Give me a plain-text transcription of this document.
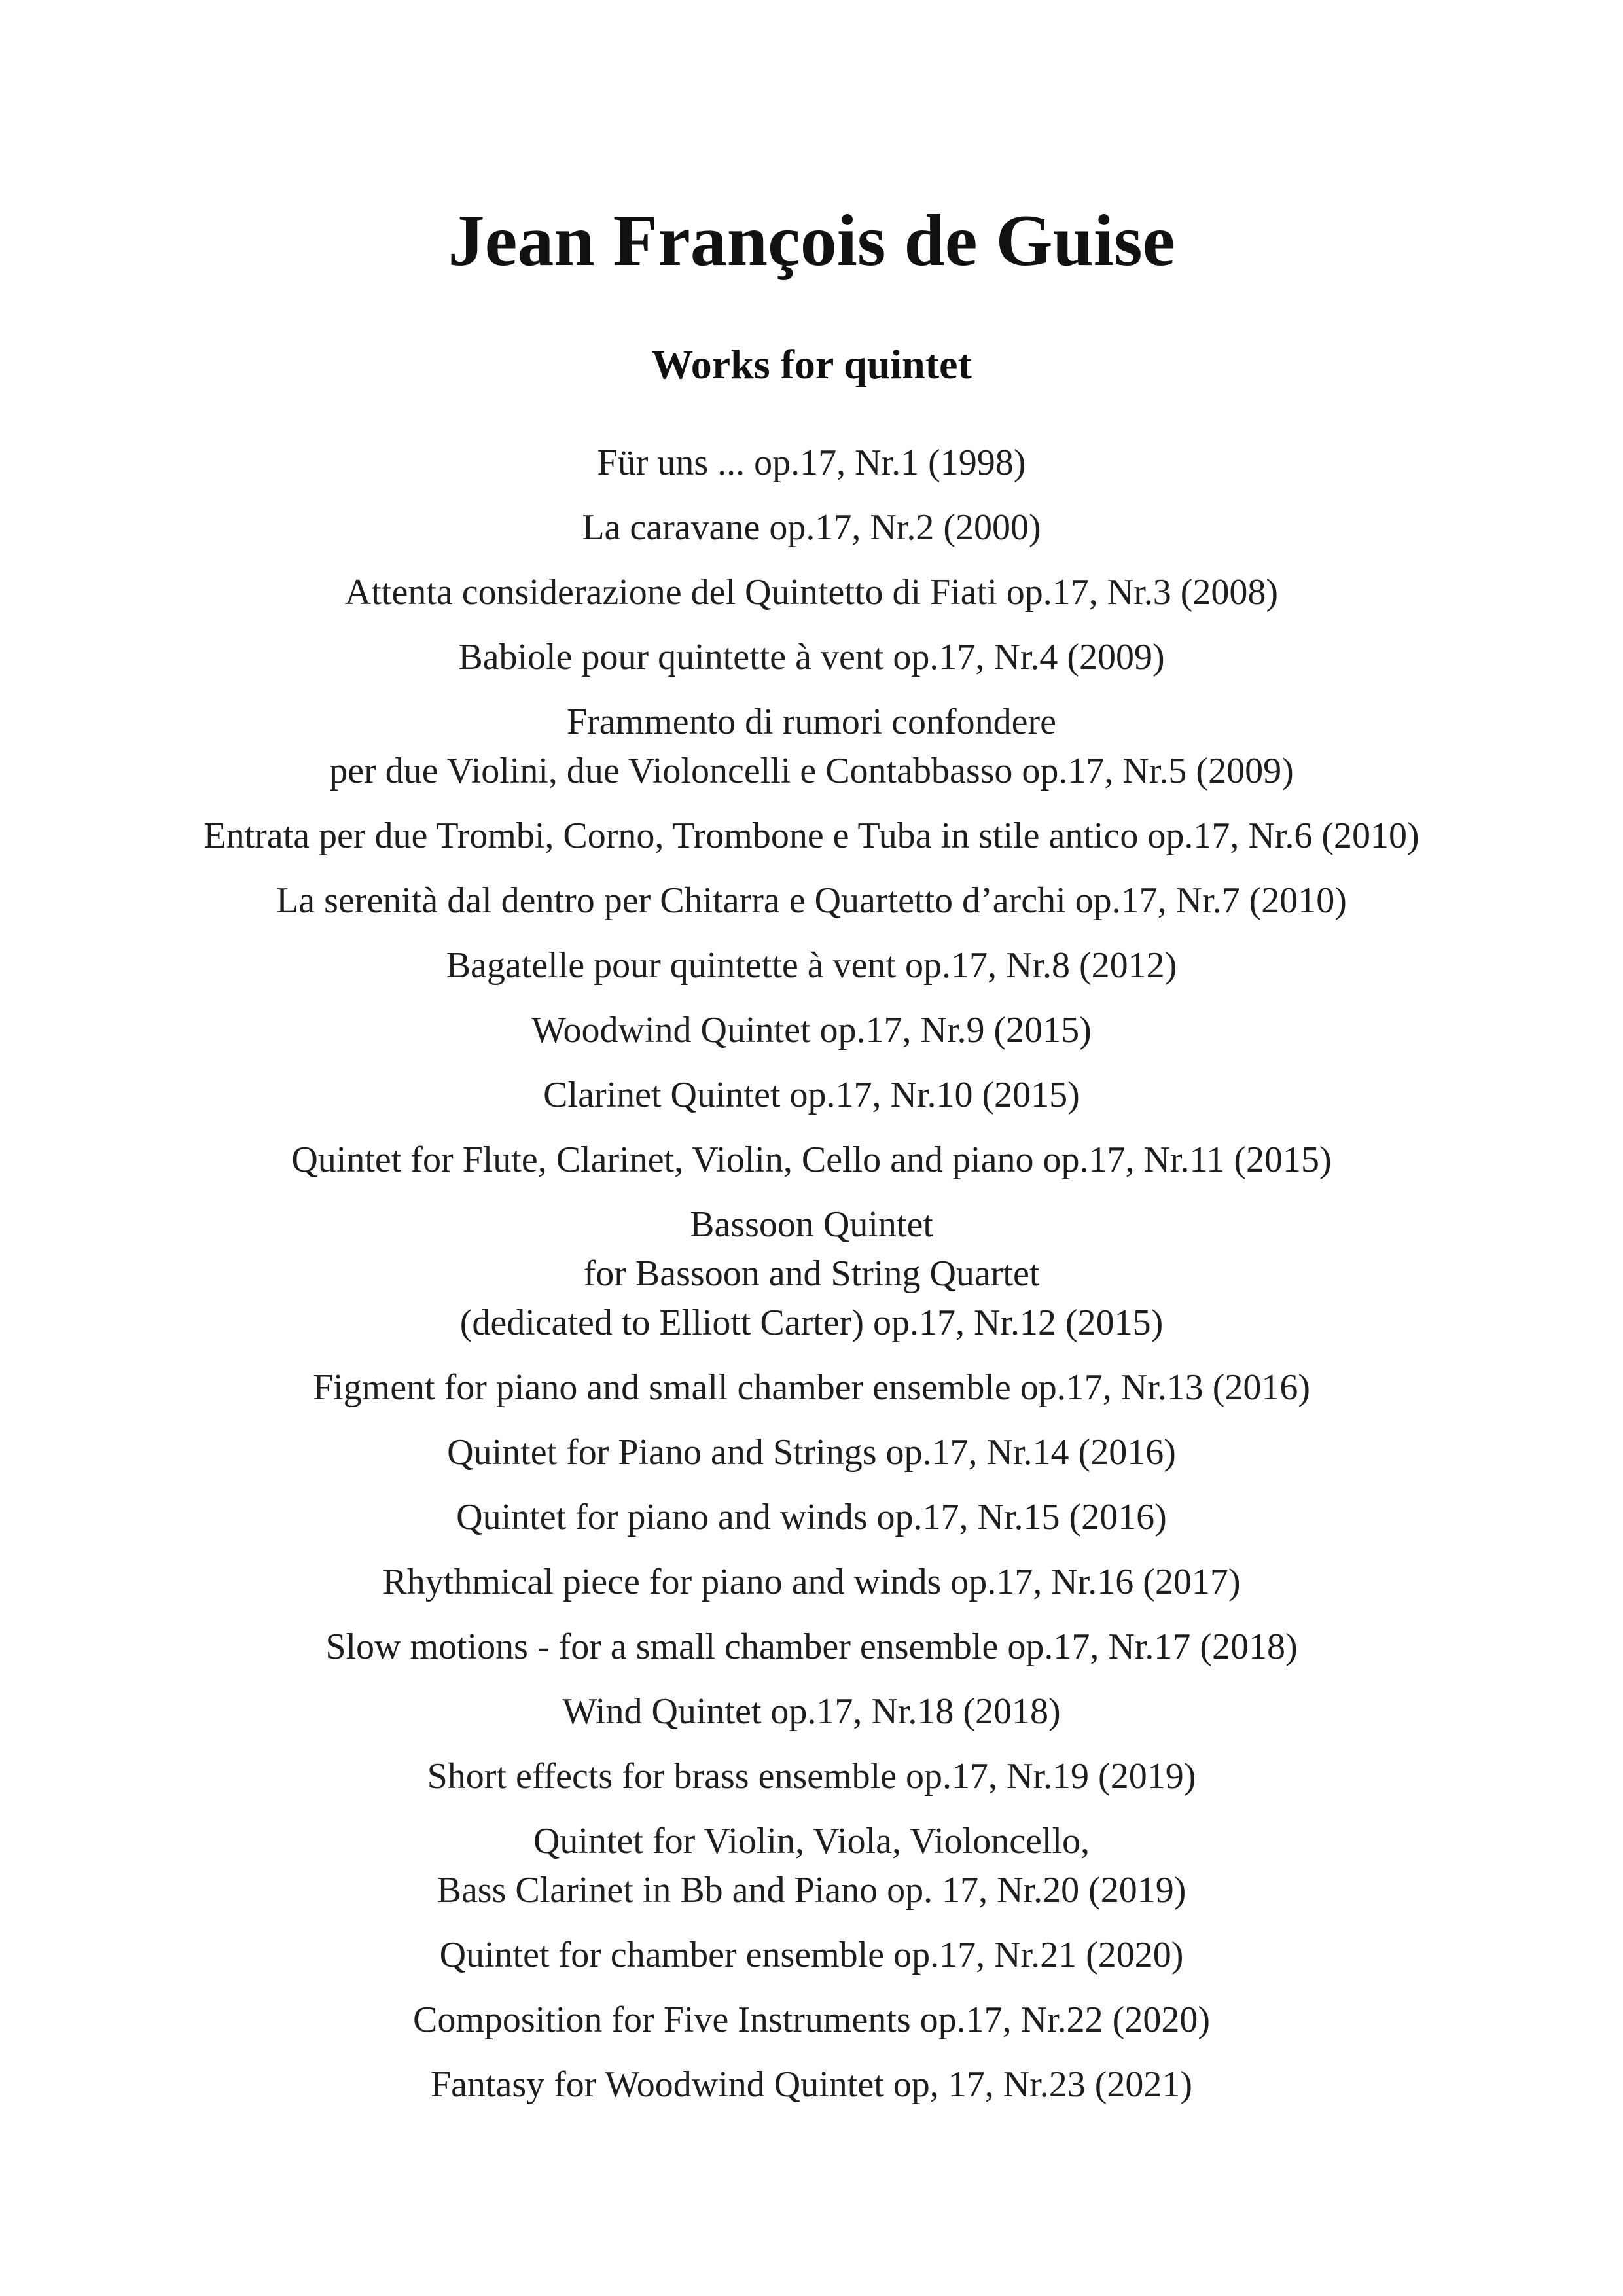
Jean François de Guise
Works for quintet
Für uns ... op.17, Nr.1 (1998)
La caravane op.17, Nr.2 (2000)
Attenta considerazione del Quintetto di Fiati op.17, Nr.3 (2008)
Babiole pour quintette à vent op.17, Nr.4 (2009)
Frammento di rumori confondere
per due Violini, due Violoncelli e Contabbasso op.17, Nr.5 (2009)
Entrata per due Trombi, Corno, Trombone e Tuba in stile antico op.17, Nr.6 (2010)
La serenità dal dentro per Chitarra e Quartetto d’archi op.17, Nr.7 (2010)
Bagatelle pour quintette à vent op.17, Nr.8 (2012)
Woodwind Quintet op.17, Nr.9 (2015)
Clarinet Quintet op.17, Nr.10 (2015)
Quintet for Flute, Clarinet, Violin, Cello and piano op.17, Nr.11 (2015)
Bassoon Quintet
for Bassoon and String Quartet
(dedicated to Elliott Carter) op.17, Nr.12 (2015)
Figment for piano and small chamber ensemble op.17, Nr.13 (2016)
Quintet for Piano and Strings op.17, Nr.14 (2016)
Quintet for piano and winds op.17, Nr.15 (2016)
Rhythmical piece for piano and winds op.17, Nr.16 (2017)
Slow motions - for a small chamber ensemble op.17, Nr.17 (2018)
Wind Quintet op.17, Nr.18 (2018)
Short effects for brass ensemble op.17, Nr.19 (2019)
Quintet for Violin, Viola, Violoncello,
Bass Clarinet in Bb and Piano op. 17, Nr.20 (2019)
Quintet for chamber ensemble op.17, Nr.21 (2020)
Composition for Five Instruments op.17, Nr.22 (2020)
Fantasy for Woodwind Quintet op, 17, Nr.23 (2021)
